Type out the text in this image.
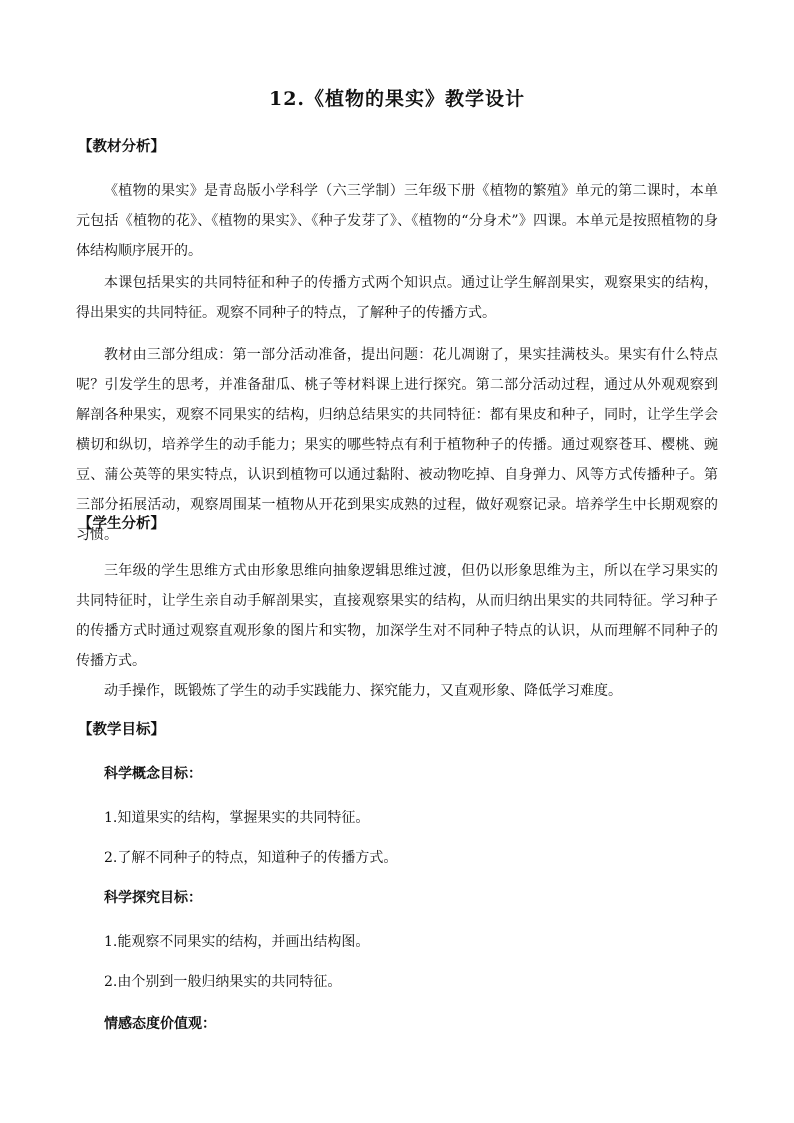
12.《植物的果实》教学设计
【教材分析】

《植物的果实》是青岛版小学科学（六三学制）三年级下册《植物的繁殖》单元的第二课时，本单元包括《植物的花》、《植物的果实》、《种子发芽了》、《植物的“分身术”》四课。本单元是按照植物的身体结构顺序展开的。

本课包括果实的共同特征和种子的传播方式两个知识点。通过让学生解剖果实，观察果实的结构，得出果实的共同特征。观察不同种子的特点，了解种子的传播方式。

教材由三部分组成：第一部分活动准备，提出问题：花儿凋谢了，果实挂满枝头。果实有什么特点呢？引发学生的思考，并准备甜瓜、桃子等材料课上进行探究。第二部分活动过程，通过从外观观察到解剖各种果实，观察不同果实的结构，归纳总结果实的共同特征：都有果皮和种子，同时，让学生学会横切和纵切，培养学生的动手能力；果实的哪些特点有利于植物种子的传播。通过观察苍耳、樱桃、豌豆、蒲公英等的果实特点，认识到植物可以通过黏附、被动物吃掉、自身弹力、风等方式传播种子。第三部分拓展活动，观察周围某一植物从开花到果实成熟的过程，做好观察记录。培养学生中长期观察的习惯。

【学生分析】

三年级的学生思维方式由形象思维向抽象逻辑思维过渡，但仍以形象思维为主，所以在学习果实的共同特征时，让学生亲自动手解剖果实，直接观察果实的结构，从而归纳出果实的共同特征。学习种子的传播方式时通过观察直观形象的图片和实物，加深学生对不同种子特点的认识，从而理解不同种子的传播方式。

动手操作，既锻炼了学生的动手实践能力、探究能力，又直观形象、降低学习难度。

【教学目标】
科学概念目标：
1.知道果实的结构，掌握果实的共同特征。
2.了解不同种子的特点，知道种子的传播方式。
科学探究目标：
1.能观察不同果实的结构，并画出结构图。
2.由个别到一般归纳果实的共同特征。
情感态度价值观：
